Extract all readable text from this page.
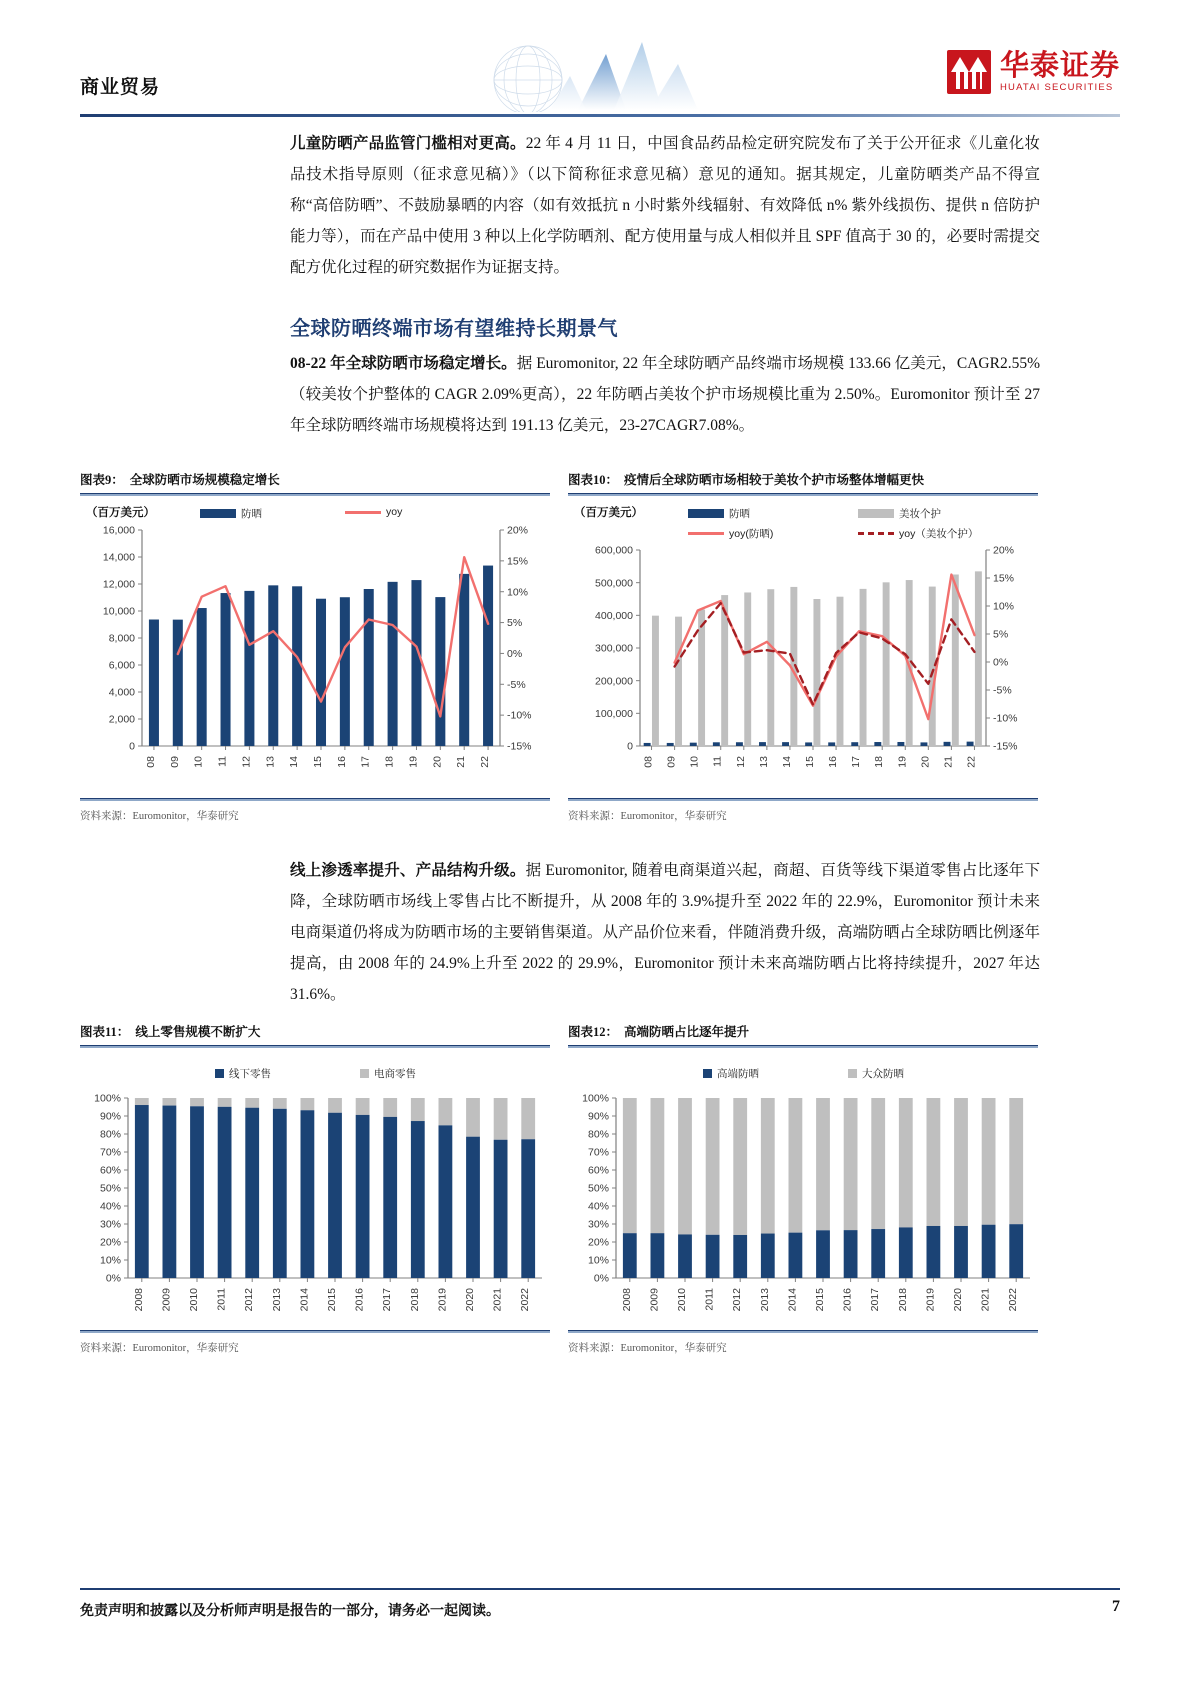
商业贸易
华泰证券
HUATAI SECURITIES
儿童防晒产品监管门槛相对更高。22 年 4 月 11 日，中国食品药品检定研究院发布了关于公开征求《儿童化妆品技术指导原则（征求意见稿）》（以下简称征求意见稿）意见的通知。据其规定，儿童防晒类产品不得宣称“高倍防晒”、不鼓励暴晒的内容（如有效抵抗 n 小时紫外线辐射、有效降低 n% 紫外线损伤、提供 n 倍防护能力等），而在产品中使用 3 种以上化学防晒剂、配方使用量与成人相似并且 SPF 值高于 30 的，必要时需提交配方优化过程的研究数据作为证据支持。
全球防晒终端市场有望维持长期景气
08-22 年全球防晒市场稳定增长。据 Euromonitor, 22 年全球防晒产品终端市场规模 133.66 亿美元，CAGR2.55%（较美妆个护整体的 CAGR 2.09%更高），22 年防晒占美妆个护市场规模比重为 2.50%。Euromonitor 预计至 27 年全球防晒终端市场规模将达到 191.13 亿美元，23-27CAGR7.08%。
图表9： 全球防晒市场规模稳定增长
（百万美元）	防晒	yoy
0
2,000
4,000
6,000
8,000
10,000
12,000
14,000
16,000
-15%
-10%
-5%
0%
5%
10%
15%
20%
08 09 10 11 12 13 14 15 16 17 18 19 20 21 22
资料来源：Euromonitor，华泰研究
图表10： 疫情后全球防晒市场相较于美妆个护市场整体增幅更快
（百万美元）	防晒	美妆个护
yoy(防晒)	yoy（美妆个护）
0
100,000
200,000
300,000
400,000
500,000
600,000
-15%
-10%
-5%
0%
5%
10%
15%
20%
08 09 10 11 12 13 14 15 16 17 18 19 20 21 22
资料来源：Euromonitor，华泰研究
线上渗透率提升、产品结构升级。据 Euromonitor, 随着电商渠道兴起，商超、百货等线下渠道零售占比逐年下降，全球防晒市场线上零售占比不断提升，从 2008 年的 3.9%提升至 2022 年的 22.9%，Euromonitor 预计未来电商渠道仍将成为防晒市场的主要销售渠道。从产品价位来看，伴随消费升级，高端防晒占全球防晒比例逐年提高，由 2008 年的 24.9%上升至 2022 的 29.9%，Euromonitor 预计未来高端防晒占比将持续提升，2027 年达 31.6%。
图表11： 线上零售规模不断扩大
线下零售	电商零售
0%
10%
20%
30%
40%
50%
60%
70%
80%
90%
100%
2008 2009 2010 2011 2012 2013 2014 2015 2016 2017 2018 2019 2020 2021 2022
资料来源：Euromonitor，华泰研究
图表12： 高端防晒占比逐年提升
高端防晒	大众防晒
0%
10%
20%
30%
40%
50%
60%
70%
80%
90%
100%
2008 2009 2010 2011 2012 2013 2014 2015 2016 2017 2018 2019 2020 2021 2022
资料来源：Euromonitor，华泰研究
免责声明和披露以及分析师声明是报告的一部分，请务必一起阅读。	7
